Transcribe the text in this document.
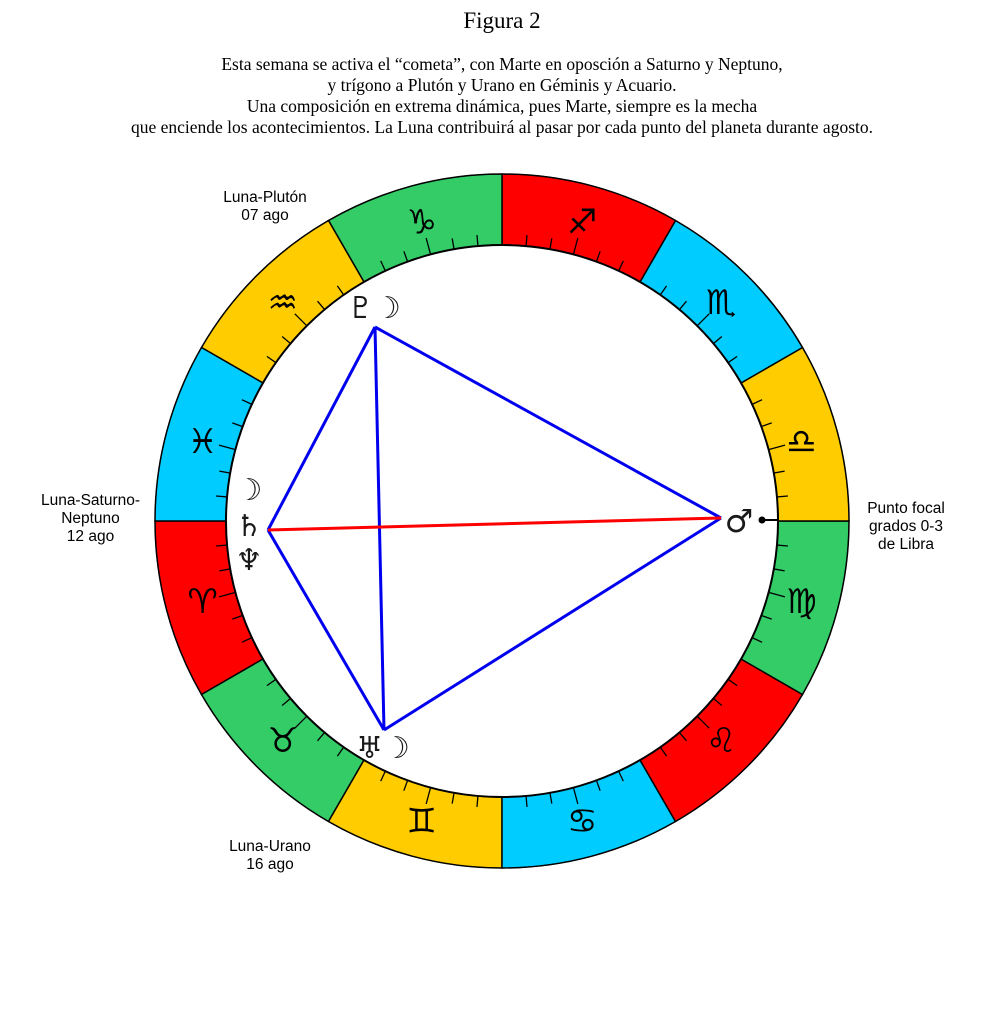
Figura 2
Esta semana se activa el “cometa”, con Marte en oposción a Saturno y Neptuno,
y trígono a Plutón y Urano en Géminis y Acuario.
Una composición en extrema dinámica, pues Marte, siempre es la mecha
que enciende los acontecimientos. La Luna contribuirá al pasar por cada punto del planeta durante agosto.
♈︎
♉︎
♊︎	♋︎
♌︎
♍︎
♎︎
♏︎
♐︎
♑︎
♒︎
♓︎
♇☽
☽
♄
♆
♅☽
♂
Luna-Plutón
07 ago
Luna-Saturno-
Neptuno
12 ago
Luna-Urano
16 ago
Punto focal
grados 0-3
de Libra
